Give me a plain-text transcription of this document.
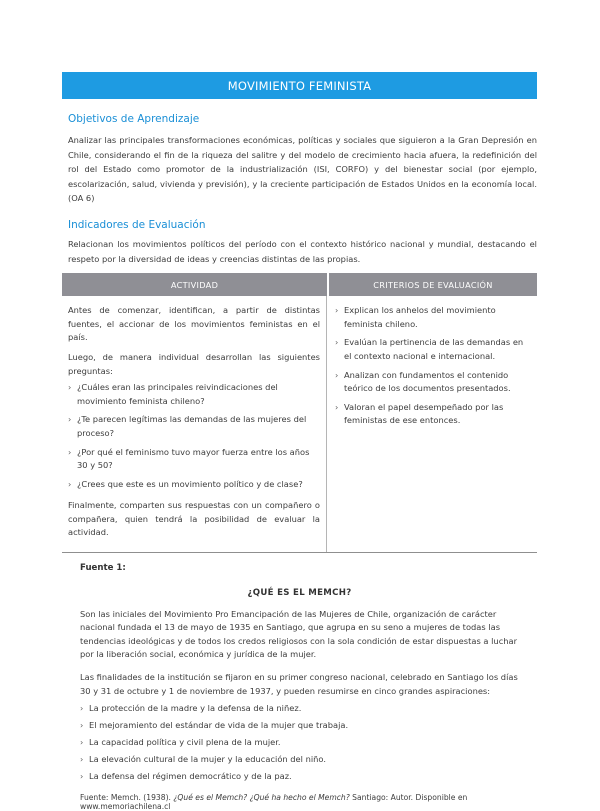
MOVIMIENTO FEMINISTA
Objetivos de Aprendizaje
Analizar las principales transformaciones económicas, políticas y sociales que siguieron a la Gran Depresión en Chile, considerando el fin de la riqueza del salitre y del modelo de crecimiento hacia afuera, la redefinición del rol del Estado como promotor de la industrialización (ISI, CORFO) y del bienestar social (por ejemplo, escolarización, salud, vivienda y previsión), y la creciente participación de Estados Unidos en la economía local. (OA 6)
Indicadores de Evaluación
Relacionan los movimientos políticos del período con el contexto histórico nacional y mundial, destacando el respeto por la diversidad de ideas y creencias distintas de las propias.
ACTIVIDAD	CRITERIOS DE EVALUACIÓN

Antes de comenzar, identifican, a partir de distintas fuentes, el accionar de los movimientos feministas en el país.

Luego, de manera individual desarrollan las siguientes preguntas:

› ¿Cuáles eran las principales reivindicaciones del movimiento feminista chileno?
› ¿Te parecen legítimas las demandas de las mujeres del proceso?
› ¿Por qué el feminismo tuvo mayor fuerza entre los años 30 y 50?
› ¿Crees que este es un movimiento político y de clase?

Finalmente, comparten sus respuestas con un compañero o compañera, quien tendrá la posibilidad de evaluar la actividad.

› Explican los anhelos del movimiento feminista chileno.
› Evalúan la pertinencia de las demandas en el contexto nacional e internacional.
› Analizan con fundamentos el contenido teórico de los documentos presentados.
› Valoran el papel desempeñado por las feministas de ese entonces.
Fuente 1:
¿QUÉ ES EL MEMCH?

Son las iniciales del Movimiento Pro Emancipación de las Mujeres de Chile, organización de carácter nacional fundada el 13 de mayo de 1935 en Santiago, que agrupa en su seno a mujeres de todas las tendencias ideológicas y de todos los credos religiosos con la sola condición de estar dispuestas a luchar por la liberación social, económica y jurídica de la mujer.

Las finalidades de la institución se fijaron en su primer congreso nacional, celebrado en Santiago los días 30 y 31 de octubre y 1 de noviembre de 1937, y pueden resumirse en cinco grandes aspiraciones:

› La protección de la madre y la defensa de la niñez.
› El mejoramiento del estándar de vida de la mujer que trabaja.
› La capacidad política y civil plena de la mujer.
› La elevación cultural de la mujer y la educación del niño.
› La defensa del régimen democrático y de la paz.
Fuente: Memch. (1938). ¿Qué es el Memch? ¿Qué ha hecho el Memch? Santiago: Autor. Disponible en www.memoriachilena.cl
